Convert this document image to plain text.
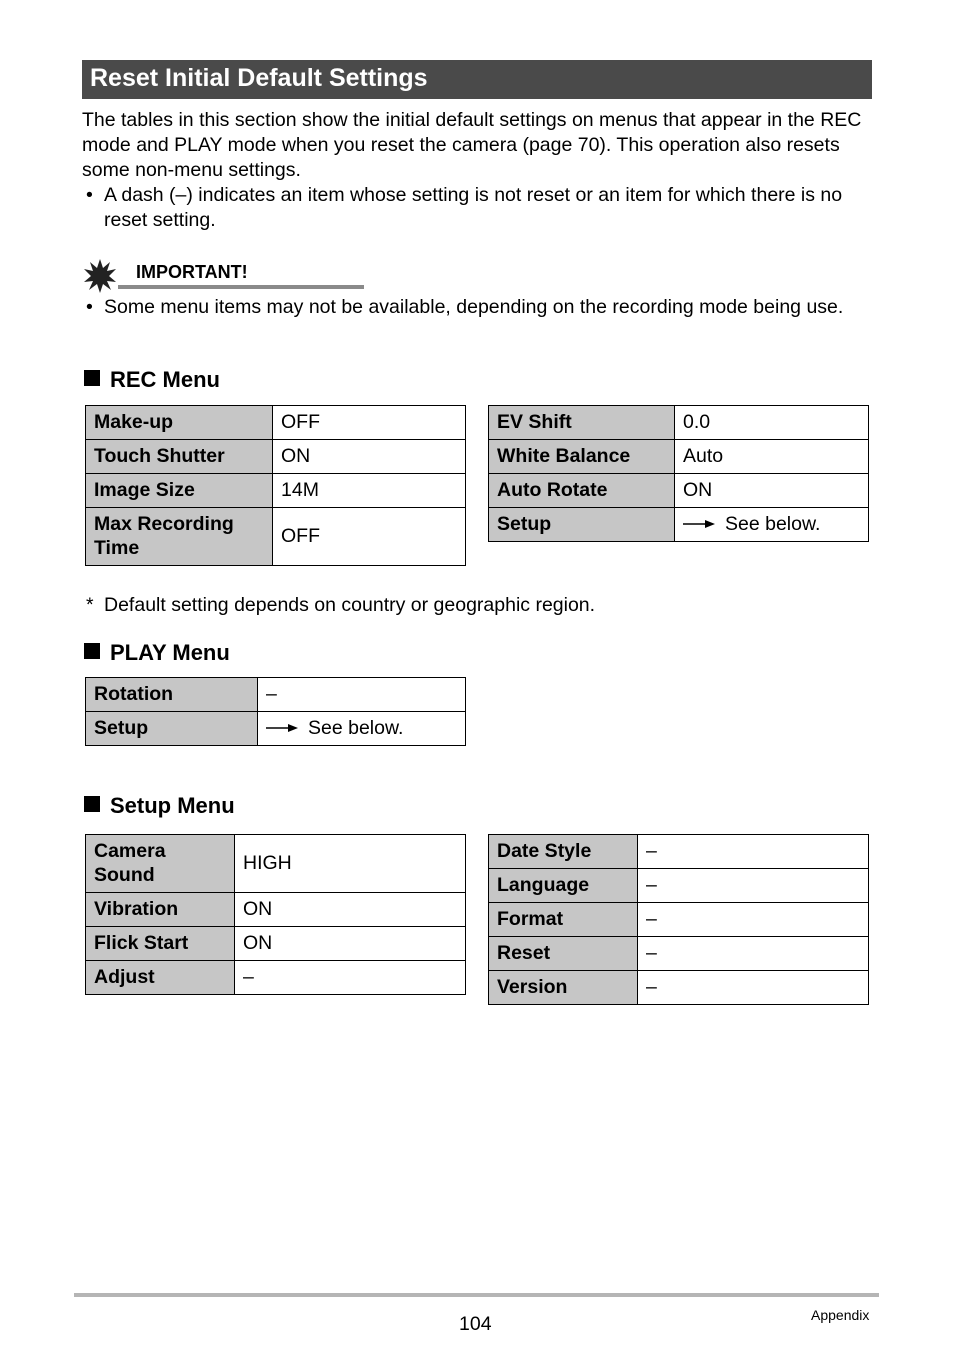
Reset Initial Default Settings

The tables in this section show the initial default settings on menus that appear in the REC mode and PLAY mode when you reset the camera (page 70). This operation also resets some non-menu settings.

• A dash (–) indicates an item whose setting is not reset or an item for which there is no reset setting.

IMPORTANT!

• Some menu items may not be available, depending on the recording mode being use.

REC Menu
Make-up	OFF
Touch Shutter	ON
Image Size	14M
Max Recording Time	OFF
EV Shift	0.0
White Balance	Auto
Auto Rotate	ON
Setup	See below.
* Default setting depends on country or geographic region.
PLAY Menu
Rotation	–
Setup	See below.
Setup Menu
Camera Sound	HIGH
Vibration	ON
Flick Start	ON
Adjust	–
Date Style	–
Language	–
Format	–
Reset	–
Version	–
104	Appendix
